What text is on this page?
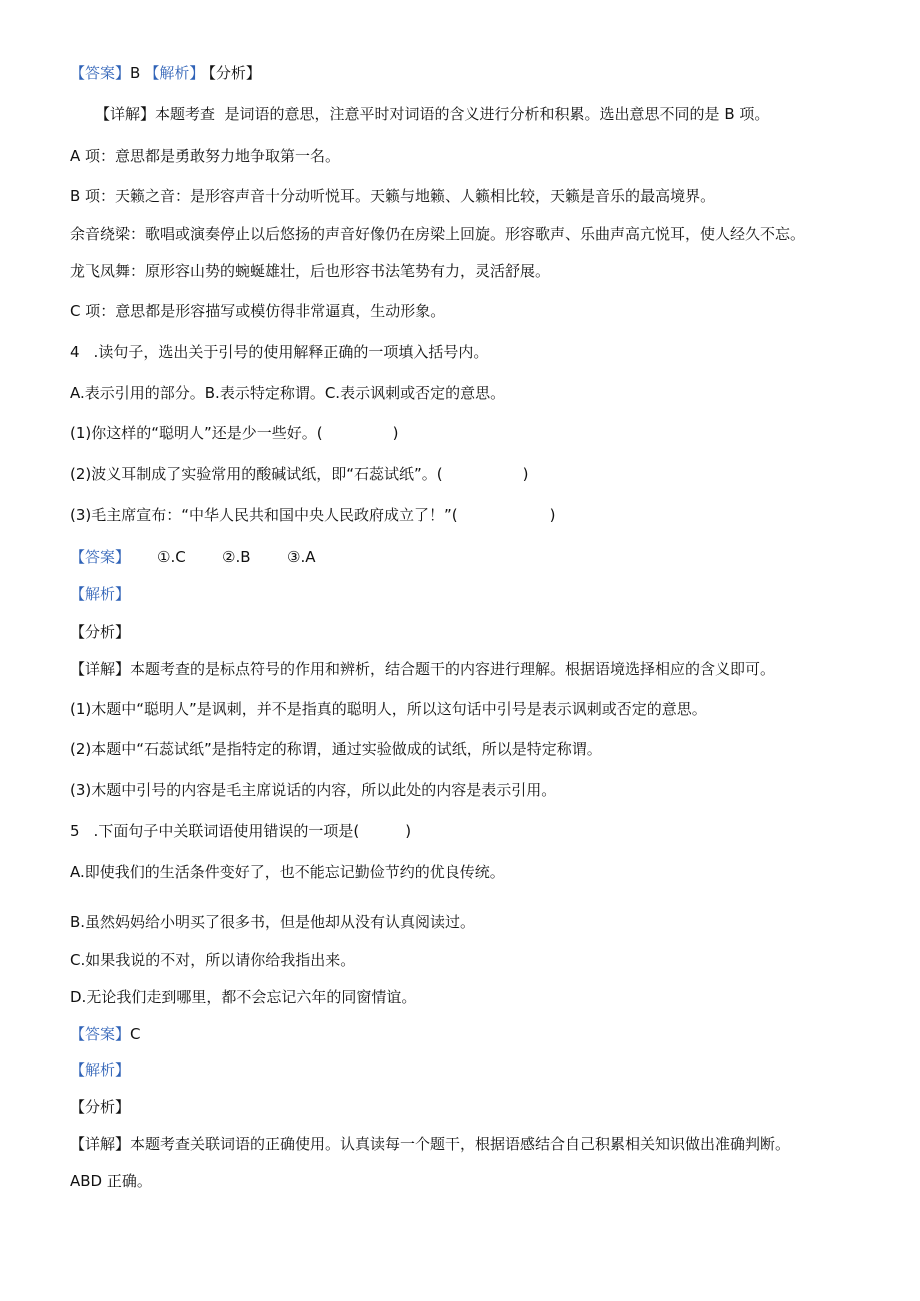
【答案】B 【解析】 【分析】
【详解】本题考查  是词语的意思，注意平时对词语的含义进行分析和积累。选出意思不同的是 B 项。
A 项：意思都是勇敢努力地争取第一名。
B 项：天籁之音：是形容声音十分动听悦耳。天籁与地籁、人籁相比较，天籁是音乐的最高境界。
余音绕梁：歌唱或演奏停止以后悠扬的声音好像仍在房梁上回旋。形容歌声、乐曲声高亢悦耳，使人经久不忘。
龙飞凤舞：原形容山势的蜿蜒雄壮，后也形容书法笔势有力，灵活舒展。
C 项：意思都是形容描写或模仿得非常逼真，生动形象。
4 .读句子，选出关于引号的使用解释正确的一项填入括号内。
A.表示引用的部分。B.表示特定称谓。C.表示讽刺或否定的意思。
(1)你这样的“聪明人”还是少一些好。(	)
(2)波义耳制成了实验常用的酸碱试纸，即“石蕊试纸”。(	)
(3)毛主席宣布：“中华人民共和国中央人民政府成立了！”(	)
【答案】 ①.C ②.B ③.A
【解析】
【分析】
【详解】本题考查的是标点符号的作用和辨析，结合题干的内容进行理解。根据语境选择相应的含义即可。
(1)木题中“聪明人”是讽刺，并不是指真的聪明人，所以这句话中引号是表示讽刺或否定的意思。
(2)本题中“石蕊试纸”是指特定的称谓，通过实验做成的试纸，所以是特定称谓。
(3)木题中引号的内容是毛主席说话的内容，所以此处的内容是表示引用。
5 .下面句子中关联词语使用错误的一项是(	)
A.即使我们的生活条件变好了，也不能忘记勤俭节约的优良传统。
B.虽然妈妈给小明买了很多书，但是他却从没有认真阅读过。
C.如果我说的不对，所以请你给我指出来。
D.无论我们走到哪里，都不会忘记六年的同窗情谊。
【答案】C
【解析】
【分析】
【详解】本题考查关联词语的正确使用。认真读每一个题干，根据语感结合自己积累相关知识做出准确判断。
ABD 正确。
